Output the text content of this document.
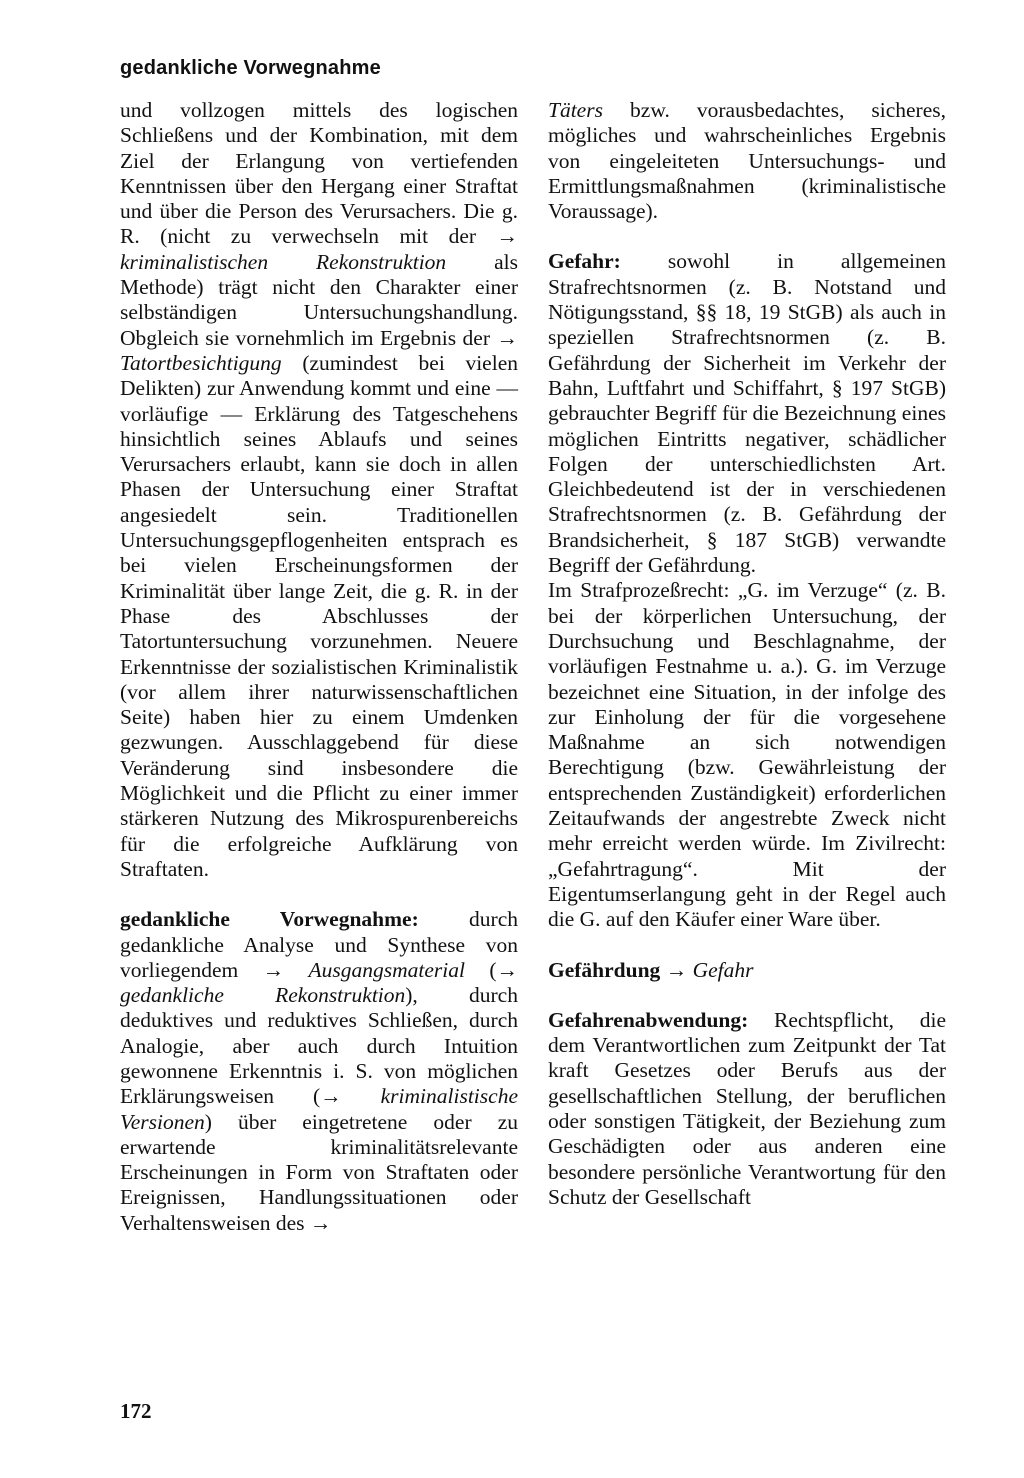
gedankliche Vorwegnahme

und vollzogen mittels des logischen Schließens und der Kombination, mit dem Ziel der Erlangung von vertiefenden Kenntnissen über den Hergang einer Straftat und über die Person des Verursachers. Die g. R. (nicht zu verwechseln mit der → kriminalistischen Rekonstruktion als Methode) trägt nicht den Charakter einer selbständigen Untersuchungshandlung. Obgleich sie vornehmlich im Ergebnis der → Tatortbesichtigung (zumindest bei vielen Delikten) zur Anwendung kommt und eine — vorläufige — Erklärung des Tatgeschehens hinsichtlich seines Ablaufs und seines Verursachers erlaubt, kann sie doch in allen Phasen der Untersuchung einer Straftat angesiedelt sein. Traditionellen Untersuchungsgepflogenheiten entsprach es bei vielen Erscheinungsformen der Kriminalität über lange Zeit, die g. R. in der Phase des Abschlusses der Tatortuntersuchung vorzunehmen. Neuere Erkenntnisse der sozialistischen Kriminalistik (vor allem ihrer naturwissenschaftlichen Seite) haben hier zu einem Umdenken gezwungen. Ausschlaggebend für diese Veränderung sind insbesondere die Möglichkeit und die Pflicht zu einer immer stärkeren Nutzung des Mikrospurenbereichs für die erfolgreiche Aufklärung von Straftaten.

gedankliche Vorwegnahme: durch gedankliche Analyse und Synthese von vorliegendem → Ausgangsmaterial (→ gedankliche Rekonstruktion), durch deduktives und reduktives Schließen, durch Analogie, aber auch durch Intuition gewonnene Erkenntnis i. S. von möglichen Erklärungsweisen (→ kriminalistische Versionen) über eingetretene oder zu erwartende kriminalitätsrelevante Erscheinungen in Form von Straftaten oder Ereignissen, Handlungssituationen oder Verhaltensweisen des →

Täters bzw. vorausbedachtes, sicheres, mögliches und wahrscheinliches Ergebnis von eingeleiteten Untersuchungs- und Ermittlungsmaßnahmen (kriminalistische Voraussage).

Gefahr: sowohl in allgemeinen Strafrechtsnormen (z. B. Notstand und Nötigungsstand, §§ 18, 19 StGB) als auch in speziellen Strafrechtsnormen (z. B. Gefährdung der Sicherheit im Verkehr der Bahn, Luftfahrt und Schiffahrt, § 197 StGB) gebrauchter Begriff für die Bezeichnung eines möglichen Eintritts negativer, schädlicher Folgen der unterschiedlichsten Art. Gleichbedeutend ist der in verschiedenen Strafrechtsnormen (z. B. Gefährdung der Brandsicherheit, § 187 StGB) verwandte Begriff der Gefährdung.

Im Strafprozeßrecht: „G. im Verzuge“ (z. B. bei der körperlichen Untersuchung, der Durchsuchung und Beschlagnahme, der vorläufigen Festnahme u. a.). G. im Verzuge bezeichnet eine Situation, in der infolge des zur Einholung der für die vorgesehene Maßnahme an sich notwendigen Berechtigung (bzw. Gewährleistung der entsprechenden Zuständigkeit) erforderlichen Zeitaufwands der angestrebte Zweck nicht mehr erreicht werden würde. Im Zivilrecht: „Gefahrtragung“. Mit der Eigentumserlangung geht in der Regel auch die G. auf den Käufer einer Ware über.

Gefährdung → Gefahr

Gefahrenabwendung: Rechtspflicht, die dem Verantwortlichen zum Zeitpunkt der Tat kraft Gesetzes oder Berufs aus der gesellschaftlichen Stellung, der beruflichen oder sonstigen Tätigkeit, der Beziehung zum Geschädigten oder aus anderen eine besondere persönliche Verantwortung für den Schutz der Gesellschaft

172
